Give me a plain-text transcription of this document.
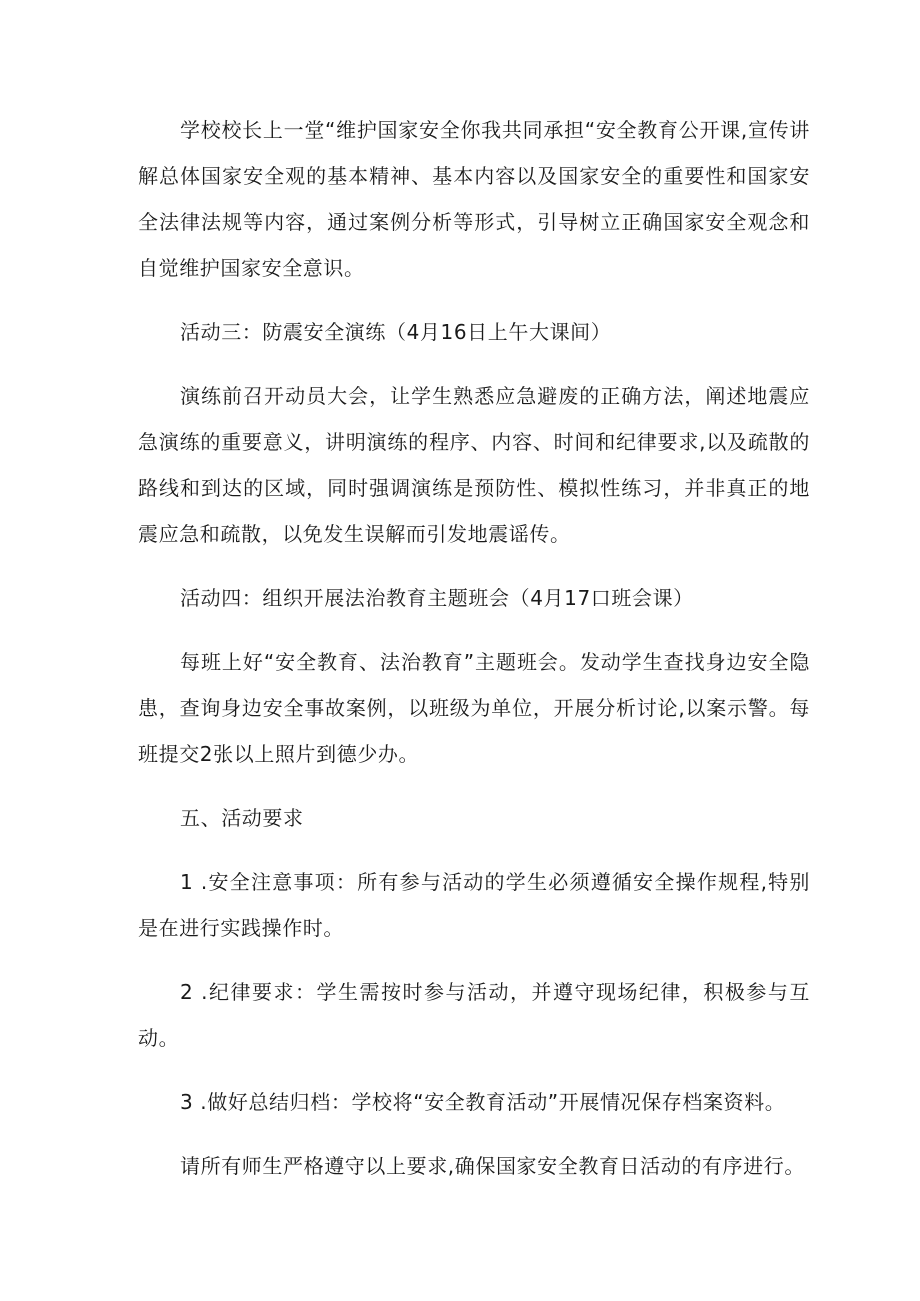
学校校长上一堂“维护国家安全你我共同承担“安全教育公开课,宣传讲解总体国家安全观的基本精神、基本内容以及国家安全的重要性和国家安全法律法规等内容，通过案例分析等形式，引导树立正确国家安全观念和自觉维护国家安全意识。

活动三：防震安全演练（4月16日上午大课间）

演练前召开动员大会，让学生熟悉应急避废的正确方法，阐述地震应急演练的重要意义，讲明演练的程序、内容、时间和纪律要求,以及疏散的路线和到达的区域，同时强调演练是预防性、模拟性练习，并非真正的地震应急和疏散，以免发生误解而引发地震谣传。

活动四：组织开展法治教育主题班会（4月17口班会课）

每班上好“安全教育、法治教育”主题班会。发动学生查找身边安全隐患，查询身边安全事故案例，以班级为单位，开展分析讨论,以案示警。每班提交2张以上照片到德少办。

五、活动要求

1 .安全注意事项：所有参与活动的学生必须遵循安全操作规程,特别是在进行实践操作时。

2 .纪律要求：学生需按时参与活动，并遵守现场纪律，积极参与互动。

3 .做好总结归档：学校将“安全教育活动”开展情况保存档案资料。

请所有师生严格遵守以上要求,确保国家安全教育日活动的有序进行。
